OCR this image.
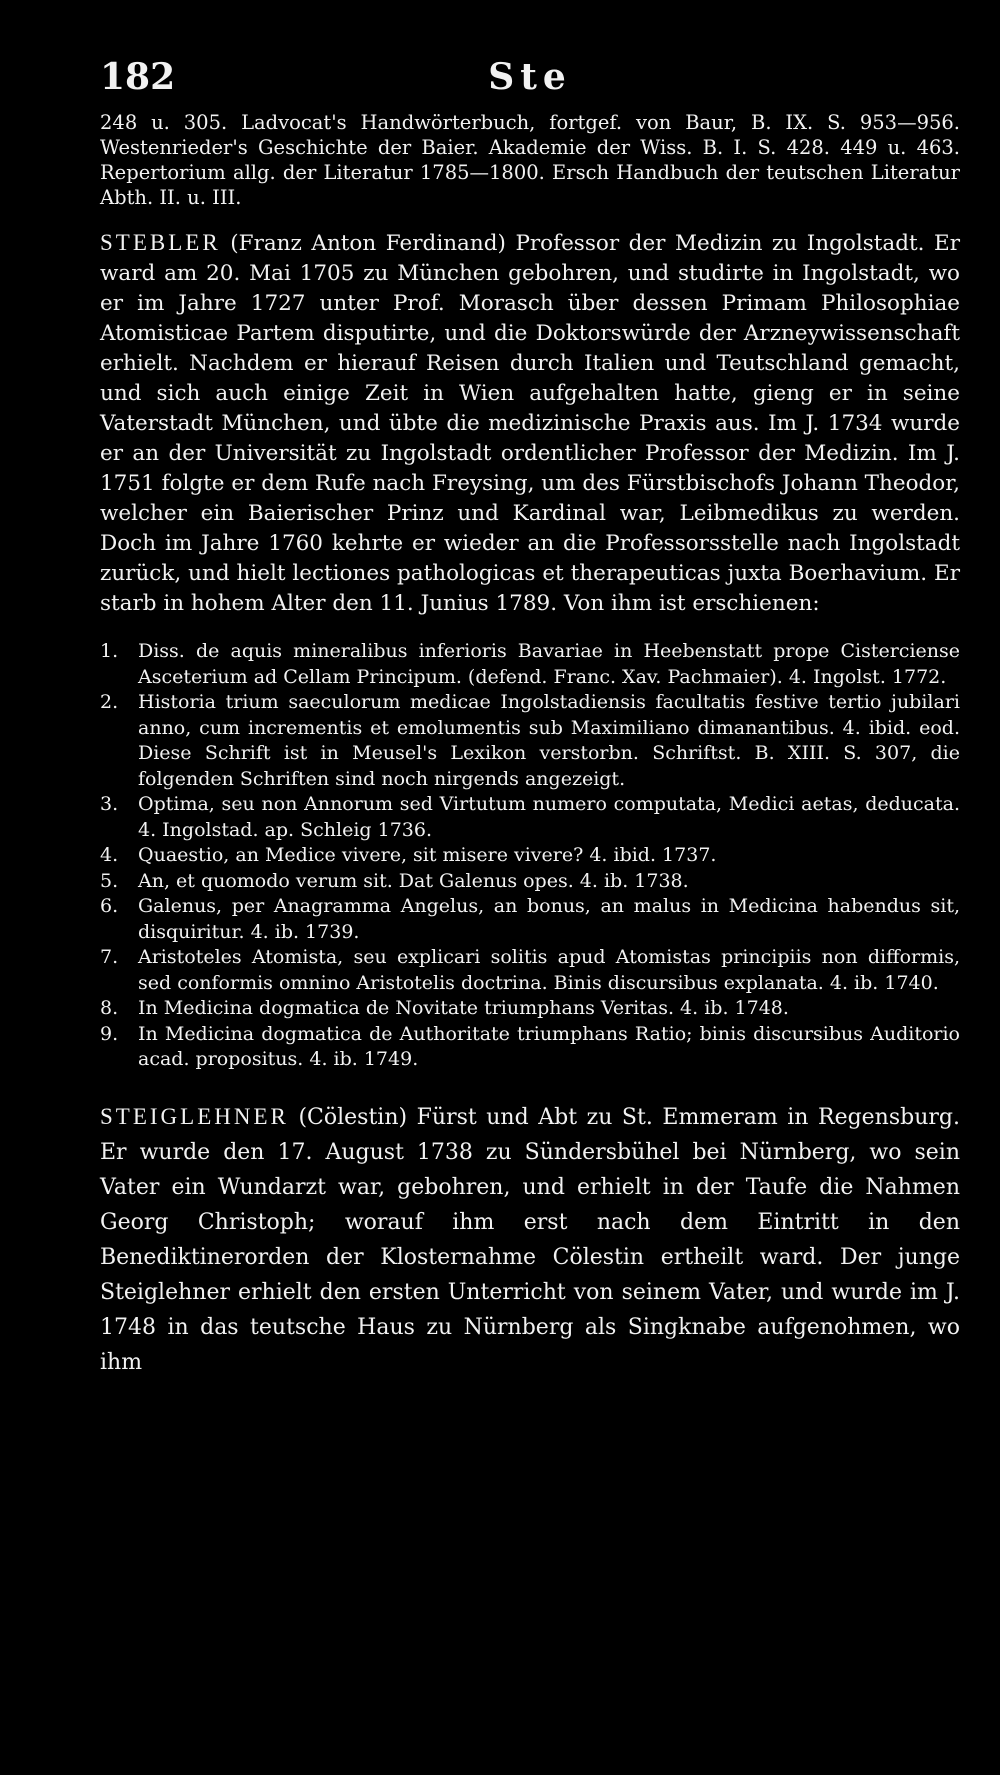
182	Ste

248 u. 305. Ladvocat's Handwörterbuch, fortgef. von Baur, B. IX. S. 953—956. Westenrieder's Geschichte der Baier. Akademie der Wiss. B. I. S. 428. 449 u. 463. Repertorium allg. der Literatur 1785—1800. Ersch Handbuch der teutschen Literatur Abth. II. u. III.

STEBLER (Franz Anton Ferdinand) Professor der Medizin zu Ingolstadt. Er ward am 20. Mai 1705 zu München gebohren, und studirte in Ingolstadt, wo er im Jahre 1727 unter Prof. Morasch über dessen Primam Philosophiae Atomisticae Partem disputirte, und die Doktorswürde der Arzneywissenschaft erhielt. Nachdem er hierauf Reisen durch Italien und Teutschland gemacht, und sich auch einige Zeit in Wien aufgehalten hatte, gieng er in seine Vaterstadt München, und übte die medizinische Praxis aus. Im J. 1734 wurde er an der Universität zu Ingolstadt ordentlicher Professor der Medizin. Im J. 1751 folgte er dem Rufe nach Freysing, um des Fürstbischofs Johann Theodor, welcher ein Baierischer Prinz und Kardinal war, Leibmedikus zu werden. Doch im Jahre 1760 kehrte er wieder an die Professorsstelle nach Ingolstadt zurück, und hielt lectiones pathologicas et therapeuticas juxta Boerhavium. Er starb in hohem Alter den 11. Junius 1789. Von ihm ist erschienen:

1.	Diss. de aquis mineralibus inferioris Bavariae in Heebenstatt prope Cisterciense Asceterium ad Cellam Principum. (defend. Franc. Xav. Pachmaier). 4. Ingolst. 1772.
2.	Historia trium saeculorum medicae Ingolstadiensis facultatis festive tertio jubilari anno, cum incrementis et emolumentis sub Maximiliano dimanantibus. 4. ibid. eod. Diese Schrift ist in Meusel's Lexikon verstorbn. Schriftst. B. XIII. S. 307, die folgenden Schriften sind noch nirgends angezeigt.
3.	Optima, seu non Annorum sed Virtutum numero computata, Medici aetas, deducata. 4. Ingolstad. ap. Schleig 1736.
4.	Quaestio, an Medice vivere, sit misere vivere? 4. ibid. 1737.
5.	An, et quomodo verum sit. Dat Galenus opes. 4. ib. 1738.
6.	Galenus, per Anagramma Angelus, an bonus, an malus in Medicina habendus sit, disquiritur. 4. ib. 1739.
7.	Aristoteles Atomista, seu explicari solitis apud Atomistas principiis non difformis, sed conformis omnino Aristotelis doctrina. Binis discursibus explanata. 4. ib. 1740.
8.	In Medicina dogmatica de Novitate triumphans Veritas. 4. ib. 1748.
9.	In Medicina dogmatica de Authoritate triumphans Ratio; binis discursibus Auditorio acad. propositus. 4. ib. 1749.

STEIGLEHNER (Cölestin) Fürst und Abt zu St. Emmeram in Regensburg. Er wurde den 17. August 1738 zu Sündersbühel bei Nürnberg, wo sein Vater ein Wundarzt war, gebohren, und erhielt in der Taufe die Nahmen Georg Christoph; worauf ihm erst nach dem Eintritt in den Benediktinerorden der Klosternahme Cölestin ertheilt ward. Der junge Steiglehner erhielt den ersten Unterricht von seinem Vater, und wurde im J. 1748 in das teutsche Haus zu Nürnberg als Singknabe aufgenohmen, wo ihm
